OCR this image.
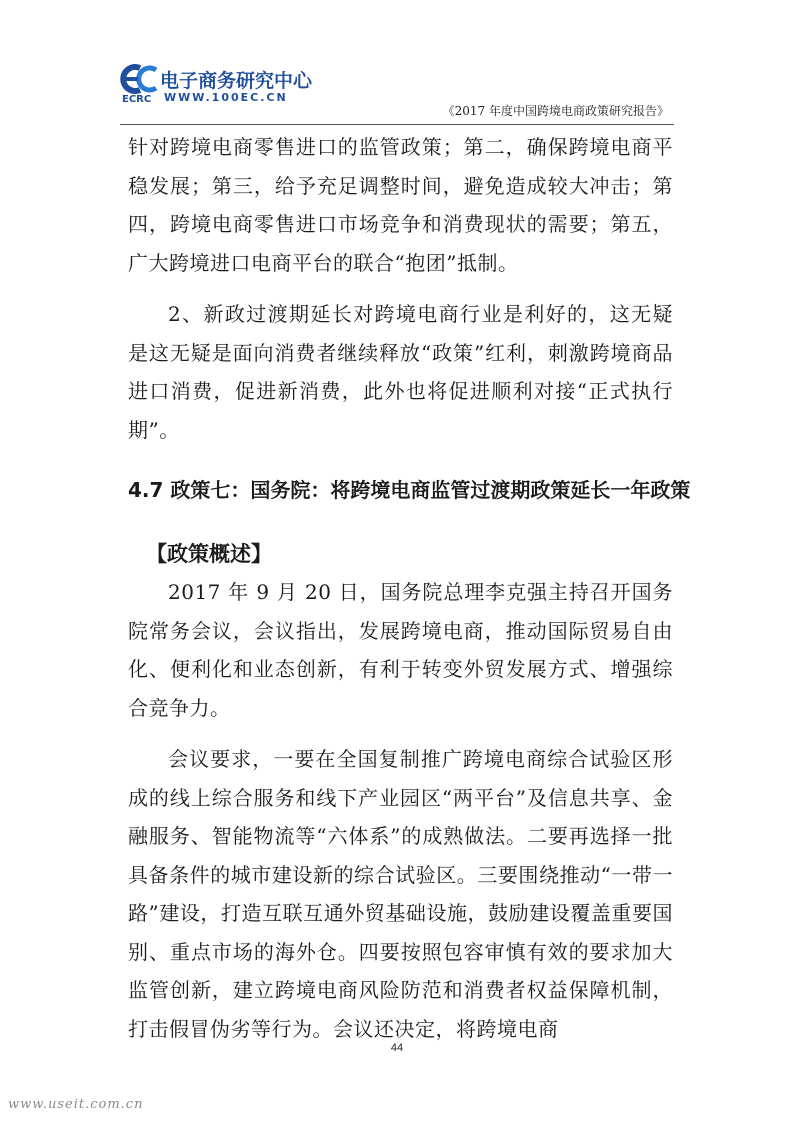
ECRC
电子商务研究中心
WWW.100EC.CN
《2017 年度中国跨境电商政策研究报告》

针对跨境电商零售进口的监管政策；第二，确保跨境电商平稳发展；第三，给予充足调整时间，避免造成较大冲击；第四，跨境电商零售进口市场竞争和消费现状的需要；第五，广大跨境进口电商平台的联合“抱团”抵制。

2、新政过渡期延长对跨境电商行业是利好的，这无疑是这无疑是面向消费者继续释放“政策”红利，刺激跨境商品进口消费，促进新消费，此外也将促进顺利对接“正式执行期”。

4.7 政策七：国务院：将跨境电商监管过渡期政策延长一年政策
【政策概述】

2017 年 9 月 20 日，国务院总理李克强主持召开国务院常务会议，会议指出，发展跨境电商，推动国际贸易自由化、便利化和业态创新，有利于转变外贸发展方式、增强综合竞争力。

会议要求，一要在全国复制推广跨境电商综合试验区形成的线上综合服务和线下产业园区“两平台”及信息共享、金融服务、智能物流等“六体系”的成熟做法。二要再选择一批具备条件的城市建设新的综合试验区。三要围绕推动“一带一路”建设，打造互联互通外贸基础设施，鼓励建设覆盖重要国别、重点市场的海外仓。四要按照包容审慎有效的要求加大监管创新，建立跨境电商风险防范和消费者权益保障机制，打击假冒伪劣等行为。会议还决定，将跨境电商

44
www.useit.com.cn
